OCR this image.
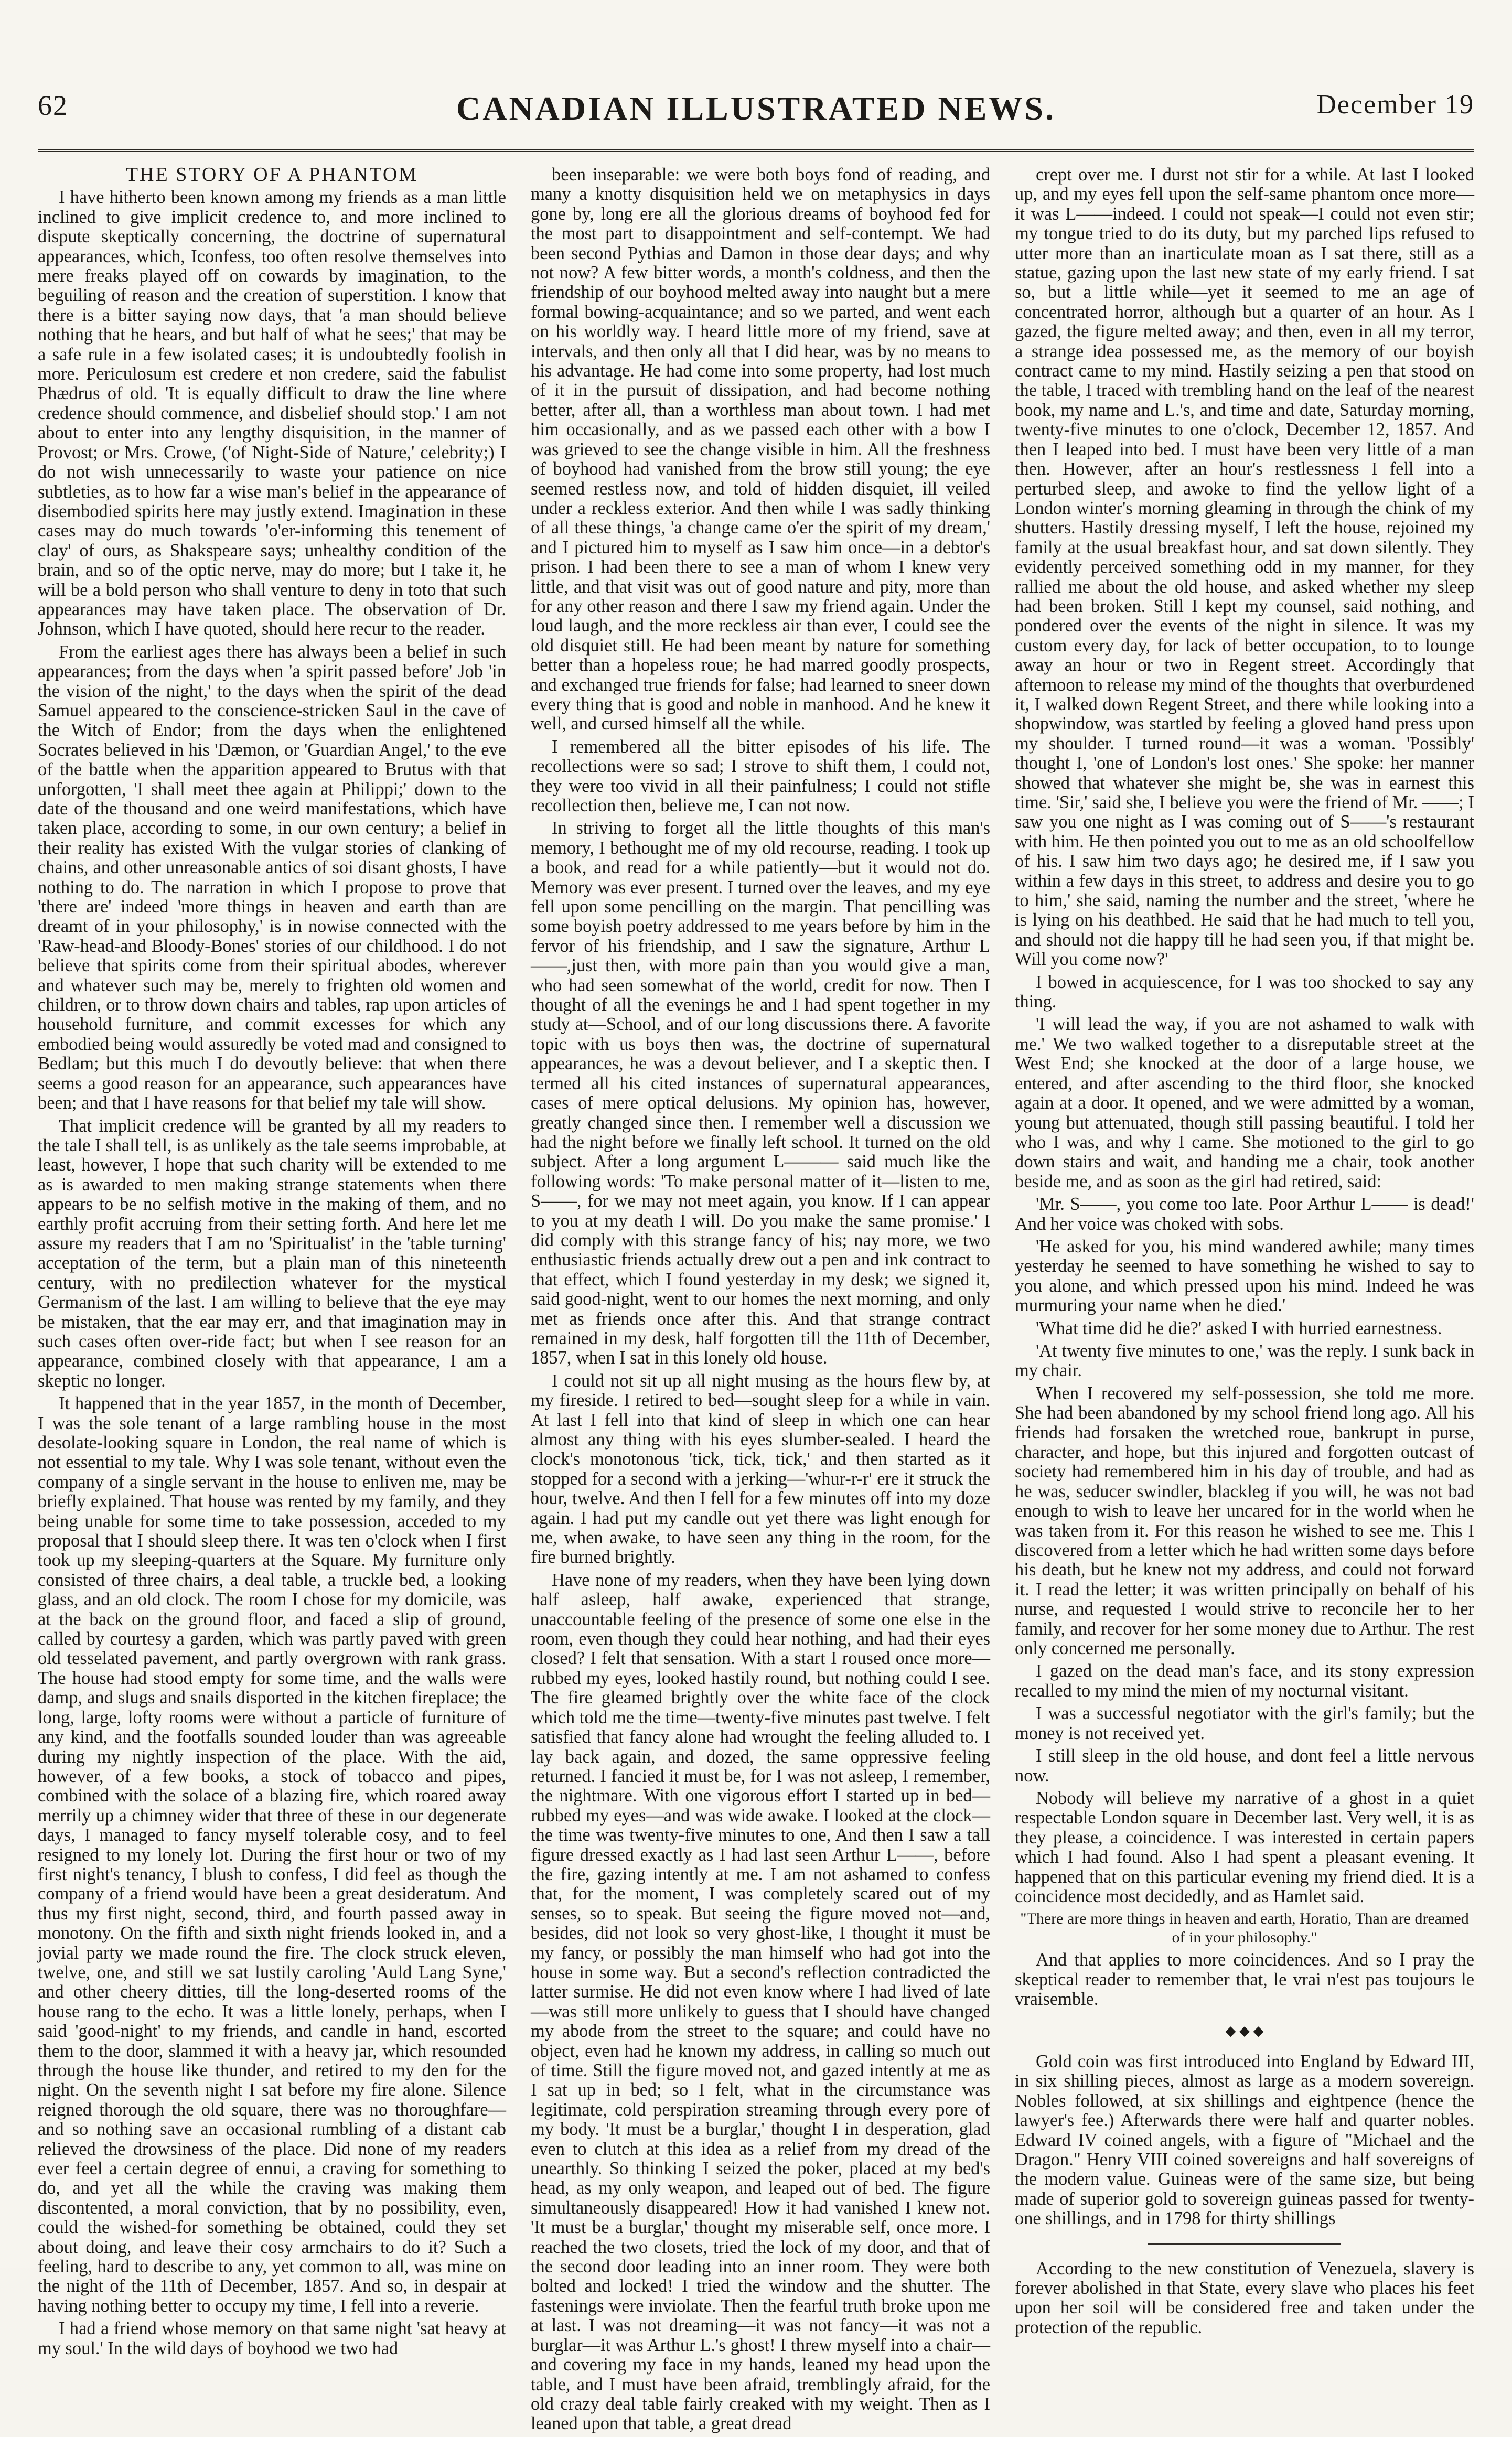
62	CANADIAN ILLUSTRATED NEWS.	December 19

THE STORY OF A PHANTOM

I have hitherto been known among my friends as a man little inclined to give implicit credence to, and more inclined to dispute skeptically concerning, the doctrine of supernatural appearances, which, Iconfess, too often resolve themselves into mere freaks played off on cowards by imagination, to the beguiling of reason and the creation of superstition. I know that there is a bitter saying now days, that 'a man should believe nothing that he hears, and but half of what he sees;' that may be a safe rule in a few isolated cases; it is undoubtedly foolish in more. Periculosum est credere et non credere, said the fabulist Phædrus of old. 'It is equally difficult to draw the line where credence should commence, and disbelief should stop.' I am not about to enter into any lengthy disquisition, in the manner of Provost; or Mrs. Crowe, ('of Night-Side of Nature,' celebrity;) I do not wish unnecessarily to waste your patience on nice subtleties, as to how far a wise man's belief in the appearance of disembodied spirits here may justly extend. Imagination in these cases may do much towards 'o'er-informing this tenement of clay' of ours, as Shakspeare says; unhealthy condition of the brain, and so of the optic nerve, may do more; but I take it, he will be a bold person who shall venture to deny in toto that such appearances may have taken place. The observation of Dr. Johnson, which I have quoted, should here recur to the reader.

From the earliest ages there has always been a belief in such appearances; from the days when 'a spirit passed before' Job 'in the vision of the night,' to the days when the spirit of the dead Samuel appeared to the conscience-stricken Saul in the cave of the Witch of Endor; from the days when the enlightened Socrates believed in his 'Dæmon, or 'Guardian Angel,' to the eve of the battle when the apparition appeared to Brutus with that unforgotten, 'I shall meet thee again at Philippi;' down to the date of the thousand and one weird manifestations, which have taken place, according to some, in our own century; a belief in their reality has existed With the vulgar stories of clanking of chains, and other unreasonable antics of soi disant ghosts, I have nothing to do. The narration in which I propose to prove that 'there are' indeed 'more things in heaven and earth than are dreamt of in your philosophy,' is in nowise connected with the 'Raw-head-and Bloody-Bones' stories of our childhood. I do not believe that spirits come from their spiritual abodes, wherever and whatever such may be, merely to frighten old women and children, or to throw down chairs and tables, rap upon articles of household furniture, and commit excesses for which any embodied being would assuredly be voted mad and consigned to Bedlam; but this much I do devoutly believe: that when there seems a good reason for an appearance, such appearances have been; and that I have reasons for that belief my tale will show.

That implicit credence will be granted by all my readers to the tale I shall tell, is as unlikely as the tale seems improbable, at least, however, I hope that such charity will be extended to me as is awarded to men making strange statements when there appears to be no selfish motive in the making of them, and no earthly profit accruing from their setting forth. And here let me assure my readers that I am no 'Spiritualist' in the 'table turning' acceptation of the term, but a plain man of this nineteenth century, with no predilection whatever for the mystical Germanism of the last. I am willing to believe that the eye may be mistaken, that the ear may err, and that imagination may in such cases often over-ride fact; but when I see reason for an appearance, combined closely with that appearance, I am a skeptic no longer.

It happened that in the year 1857, in the month of December, I was the sole tenant of a large rambling house in the most desolate-looking square in London, the real name of which is not essential to my tale. Why I was sole tenant, without even the company of a single servant in the house to enliven me, may be briefly explained. That house was rented by my family, and they being unable for some time to take possession, acceded to my proposal that I should sleep there. It was ten o'clock when I first took up my sleeping-quarters at the Square. My furniture only consisted of three chairs, a deal table, a truckle bed, a looking glass, and an old clock. The room I chose for my domicile, was at the back on the ground floor, and faced a slip of ground, called by courtesy a garden, which was partly paved with green old tesselated pavement, and partly overgrown with rank grass. The house had stood empty for some time, and the walls were damp, and slugs and snails disported in the kitchen fireplace; the long, large, lofty rooms were without a particle of furniture of any kind, and the footfalls sounded louder than was agreeable during my nightly inspection of the place. With the aid, however, of a few books, a stock of tobacco and pipes, combined with the solace of a blazing fire, which roared away merrily up a chimney wider that three of these in our degenerate days, I managed to fancy myself tolerable cosy, and to feel resigned to my lonely lot. During the first hour or two of my first night's tenancy, I blush to confess, I did feel as though the company of a friend would have been a great desideratum. And thus my first night, second, third, and fourth passed away in monotony. On the fifth and sixth night friends looked in, and a jovial party we made round the fire. The clock struck eleven, twelve, one, and still we sat lustily caroling 'Auld Lang Syne,' and other cheery ditties, till the long-deserted rooms of the house rang to the echo. It was a little lonely, perhaps, when I said 'good-night' to my friends, and candle in hand, escorted them to the door, slammed it with a heavy jar, which resounded through the house like thunder, and retired to my den for the night. On the seventh night I sat before my fire alone. Silence reigned thorough the old square, there was no thoroughfare—and so nothing save an occasional rumbling of a distant cab relieved the drowsiness of the place. Did none of my readers ever feel a certain degree of ennui, a craving for something to do, and yet all the while the craving was making them discontented, a moral conviction, that by no possibility, even, could the wished-for something be obtained, could they set about doing, and leave their cosy armchairs to do it? Such a feeling, hard to describe to any, yet common to all, was mine on the night of the 11th of December, 1857. And so, in despair at having nothing better to occupy my time, I fell into a reverie.

I had a friend whose memory on that same night 'sat heavy at my soul.' In the wild days of boyhood we two had

been inseparable: we were both boys fond of reading, and many a knotty disquisition held we on metaphysics in days gone by, long ere all the glorious dreams of boyhood fed for the most part to disappointment and self-contempt. We had been second Pythias and Damon in those dear days; and why not now? A few bitter words, a month's coldness, and then the friendship of our boyhood melted away into naught but a mere formal bowing-acquaintance; and so we parted, and went each on his worldly way. I heard little more of my friend, save at intervals, and then only all that I did hear, was by no means to his advantage. He had come into some property, had lost much of it in the pursuit of dissipation, and had become nothing better, after all, than a worthless man about town. I had met him occasionally, and as we passed each other with a bow I was grieved to see the change visible in him. All the freshness of boyhood had vanished from the brow still young; the eye seemed restless now, and told of hidden disquiet, ill veiled under a reckless exterior. And then while I was sadly thinking of all these things, 'a change came o'er the spirit of my dream,' and I pictured him to myself as I saw him once—in a debtor's prison. I had been there to see a man of whom I knew very little, and that visit was out of good nature and pity, more than for any other reason and there I saw my friend again. Under the loud laugh, and the more reckless air than ever, I could see the old disquiet still. He had been meant by nature for something better than a hopeless roue; he had marred goodly prospects, and exchanged true friends for false; had learned to sneer down every thing that is good and noble in manhood. And he knew it well, and cursed himself all the while.

I remembered all the bitter episodes of his life. The recollections were so sad; I strove to shift them, I could not, they were too vivid in all their painfulness; I could not stifle recollection then, believe me, I can not now.

In striving to forget all the little thoughts of this man's memory, I bethought me of my old recourse, reading. I took up a book, and read for a while patiently—but it would not do. Memory was ever present. I turned over the leaves, and my eye fell upon some pencilling on the margin. That pencilling was some boyish poetry addressed to me years before by him in the fervor of his friendship, and I saw the signature, Arthur L——,just then, with more pain than you would give a man, who had seen somewhat of the world, credit for now. Then I thought of all the evenings he and I had spent together in my study at—School, and of our long discussions there. A favorite topic with us boys then was, the doctrine of supernatural appearances, he was a devout believer, and I a skeptic then. I termed all his cited instances of supernatural appearances, cases of mere optical delusions. My opinion has, however, greatly changed since then. I remember well a discussion we had the night before we finally left school. It turned on the old subject. After a long argument L——— said much like the following words: 'To make personal matter of it—listen to me, S——, for we may not meet again, you know. If I can appear to you at my death I will. Do you make the same promise.' I did comply with this strange fancy of his; nay more, we two enthusiastic friends actually drew out a pen and ink contract to that effect, which I found yesterday in my desk; we signed it, said good-night, went to our homes the next morning, and only met as friends once after this. And that strange contract remained in my desk, half forgotten till the 11th of December, 1857, when I sat in this lonely old house.

I could not sit up all night musing as the hours flew by, at my fireside. I retired to bed—sought sleep for a while in vain. At last I fell into that kind of sleep in which one can hear almost any thing with his eyes slumber-sealed. I heard the clock's monotonous 'tick, tick, tick,' and then started as it stopped for a second with a jerking—'whur-r-r' ere it struck the hour, twelve. And then I fell for a few minutes off into my doze again. I had put my candle out yet there was light enough for me, when awake, to have seen any thing in the room, for the fire burned brightly.

Have none of my readers, when they have been lying down half asleep, half awake, experienced that strange, unaccountable feeling of the presence of some one else in the room, even though they could hear nothing, and had their eyes closed? I felt that sensation. With a start I roused once more—rubbed my eyes, looked hastily round, but nothing could I see. The fire gleamed brightly over the white face of the clock which told me the time—twenty-five minutes past twelve. I felt satisfied that fancy alone had wrought the feeling alluded to. I lay back again, and dozed, the same oppressive feeling returned. I fancied it must be, for I was not asleep, I remember, the nightmare. With one vigorous effort I started up in bed— rubbed my eyes—and was wide awake. I looked at the clock—the time was twenty-five minutes to one, And then I saw a tall figure dressed exactly as I had last seen Arthur L——, before the fire, gazing intently at me. I am not ashamed to confess that, for the moment, I was completely scared out of my senses, so to speak. But seeing the figure moved not—and, besides, did not look so very ghost-like, I thought it must be my fancy, or possibly the man himself who had got into the house in some way. But a second's reflection contradicted the latter surmise. He did not even know where I had lived of late—was still more unlikely to guess that I should have changed my abode from the street to the square; and could have no object, even had he known my address, in calling so much out of time. Still the figure moved not, and gazed intently at me as I sat up in bed; so I felt, what in the circumstance was legitimate, cold perspiration streaming through every pore of my body. 'It must be a burglar,' thought I in desperation, glad even to clutch at this idea as a relief from my dread of the unearthly. So thinking I seized the poker, placed at my bed's head, as my only weapon, and leaped out of bed. The figure simultaneously disappeared! How it had vanished I knew not. 'It must be a burglar,' thought my miserable self, once more. I reached the two closets, tried the lock of my door, and that of the second door leading into an inner room. They were both bolted and locked! I tried the window and the shutter. The fastenings were inviolate. Then the fearful truth broke upon me at last. I was not dreaming—it was not fancy—it was not a burglar—it was Arthur L.'s ghost! I threw myself into a chair—and covering my face in my hands, leaned my head upon the table, and I must have been afraid, tremblingly afraid, for the old crazy deal table fairly creaked with my weight. Then as I leaned upon that table, a great dread

crept over me. I durst not stir for a while. At last I looked up, and my eyes fell upon the self-same phantom once more—it was L——indeed. I could not speak—I could not even stir; my tongue tried to do its duty, but my parched lips refused to utter more than an inarticulate moan as I sat there, still as a statue, gazing upon the last new state of my early friend. I sat so, but a little while—yet it seemed to me an age of concentrated horror, although but a quarter of an hour. As I gazed, the figure melted away; and then, even in all my terror, a strange idea possessed me, as the memory of our boyish contract came to my mind. Hastily seizing a pen that stood on the table, I traced with trembling hand on the leaf of the nearest book, my name and L.'s, and time and date, Saturday morning, twenty-five minutes to one o'clock, December 12, 1857. And then I leaped into bed. I must have been very little of a man then. However, after an hour's restlessness I fell into a perturbed sleep, and awoke to find the yellow light of a London winter's morning gleaming in through the chink of my shutters. Hastily dressing myself, I left the house, rejoined my family at the usual breakfast hour, and sat down silently. They evidently perceived something odd in my manner, for they rallied me about the old house, and asked whether my sleep had been broken. Still I kept my counsel, said nothing, and pondered over the events of the night in silence. It was my custom every day, for lack of better occupation, to to lounge away an hour or two in Regent street. Accordingly that afternoon to release my mind of the thoughts that overburdened it, I walked down Regent Street, and there while looking into a shopwindow, was startled by feeling a gloved hand press upon my shoulder. I turned round—it was a woman. 'Possibly' thought I, 'one of London's lost ones.' She spoke: her manner showed that whatever she might be, she was in earnest this time. 'Sir,' said she, I believe you were the friend of Mr. ——; I saw you one night as I was coming out of S——'s restaurant with him. He then pointed you out to me as an old schoolfellow of his. I saw him two days ago; he desired me, if I saw you within a few days in this street, to address and desire you to go to him,' she said, naming the number and the street, 'where he is lying on his deathbed. He said that he had much to tell you, and should not die happy till he had seen you, if that might be. Will you come now?'

I bowed in acquiescence, for I was too shocked to say any thing.

'I will lead the way, if you are not ashamed to walk with me.' We two walked together to a disreputable street at the West End; she knocked at the door of a large house, we entered, and after ascending to the third floor, she knocked again at a door. It opened, and we were admitted by a woman, young but attenuated, though still passing beautiful. I told her who I was, and why I came. She motioned to the girl to go down stairs and wait, and handing me a chair, took another beside me, and as soon as the girl had retired, said:

'Mr. S——, you come too late. Poor Arthur L—— is dead!' And her voice was choked with sobs.

'He asked for you, his mind wandered awhile; many times yesterday he seemed to have something he wished to say to you alone, and which pressed upon his mind. Indeed he was murmuring your name when he died.'

'What time did he die?' asked I with hurried earnestness.

'At twenty five minutes to one,' was the reply. I sunk back in my chair.

When I recovered my self-possession, she told me more. She had been abandoned by my school friend long ago. All his friends had forsaken the wretched roue, bankrupt in purse, character, and hope, but this injured and forgotten outcast of society had remembered him in his day of trouble, and had as he was, seducer swindler, blackleg if you will, he was not bad enough to wish to leave her uncared for in the world when he was taken from it. For this reason he wished to see me. This I discovered from a letter which he had written some days before his death, but he knew not my address, and could not forward it. I read the letter; it was written principally on behalf of his nurse, and requested I would strive to reconcile her to her family, and recover for her some money due to Arthur. The rest only concerned me personally.

I gazed on the dead man's face, and its stony expression recalled to my mind the mien of my nocturnal visitant.

I was a successful negotiator with the girl's family; but the money is not received yet.

I still sleep in the old house, and dont feel a little nervous now.

Nobody will believe my narrative of a ghost in a quiet respectable London square in December last. Very well, it is as they please, a coincidence. I was interested in certain papers which I had found. Also I had spent a pleasant evening. It happened that on this particular evening my friend died. It is a coincidence most decidedly, and as Hamlet said.

"There are more things in heaven and earth, Horatio, Than are dreamed of in your philosophy."

And that applies to more coincidences. And so I pray the skeptical reader to remember that, le vrai n'est pas toujours le vraisemble.

◆ ◆ ◆

Gold coin was first introduced into England by Edward III, in six shilling pieces, almost as large as a modern sovereign. Nobles followed, at six shillings and eightpence (hence the lawyer's fee.) Afterwards there were half and quarter nobles. Edward IV coined angels, with a figure of "Michael and the Dragon." Henry VIII coined sovereigns and half sovereigns of the modern value. Guineas were of the same size, but being made of superior gold to sovereign guineas passed for twenty-one shillings, and in 1798 for thirty shillings

According to the new constitution of Venezuela, slavery is forever abolished in that State, every slave who places his feet upon her soil will be considered free and taken under the protection of the republic.
